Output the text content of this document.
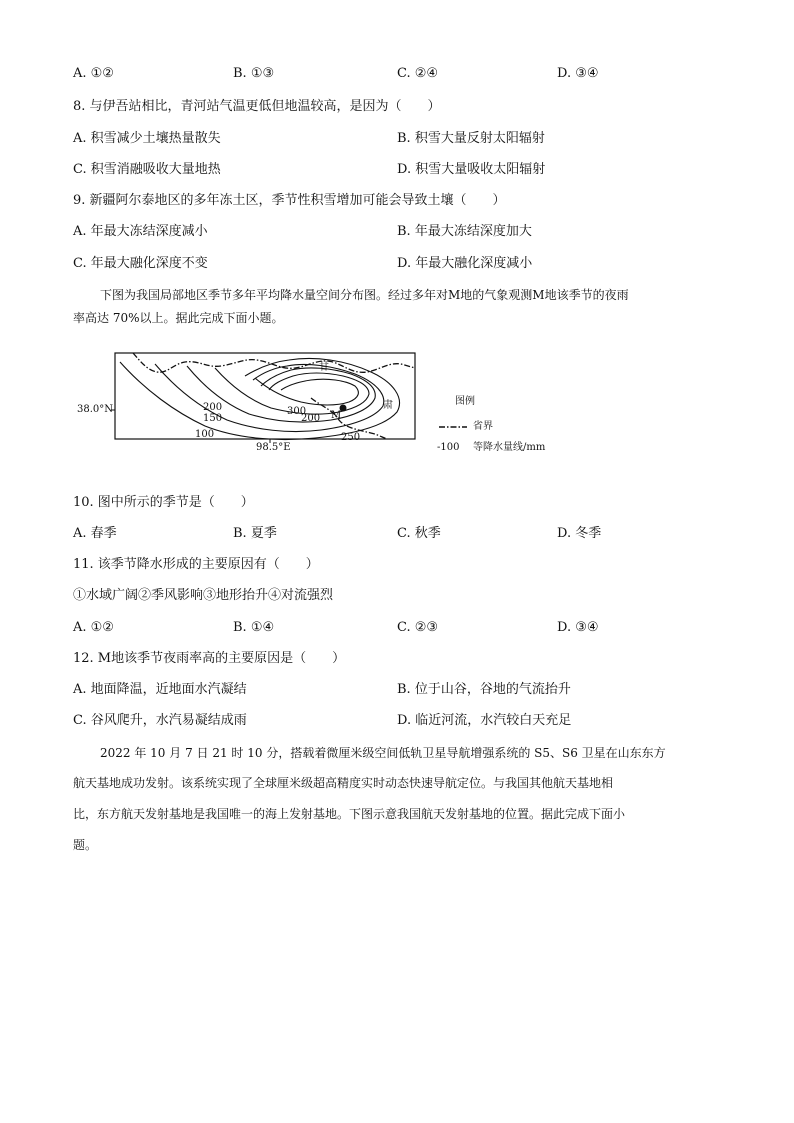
A. ①②	B. ①③	C. ②④	D. ③④
8. 与伊吾站相比，青河站气温更低但地温较高，是因为（　　）
A. 积雪减少土壤热量散失	B. 积雪大量反射太阳辐射
C. 积雪消融吸收大量地热	D. 积雪大量吸收太阳辐射
9. 新疆阿尔泰地区的多年冻土区，季节性积雪增加可能会导致土壤（　　）
A. 年最大冻结深度减小	B. 年最大冻结深度加大
C. 年最大融化深度不变	D. 年最大融化深度减小
下图为我国局部地区季节多年平均降水量空间分布图。经过多年对M地的气象观测M地该季节的夜雨
率高达 70%以上。据此完成下面小题。
38.0°N
98.5°E
甘
肃
300
200
150
100
200
250
M
图例
省界
-100 等降水量线/mm
10. 图中所示的季节是（　　）
A. 春季	B. 夏季	C. 秋季	D. 冬季
11. 该季节降水形成的主要原因有（　　）
①水域广阔②季风影响③地形抬升④对流强烈
A. ①②	B. ①④	C. ②③	D. ③④
12. M地该季节夜雨率高的主要原因是（　　）
A. 地面降温，近地面水汽凝结	B. 位于山谷，谷地的气流抬升
C. 谷风爬升，水汽易凝结成雨	D. 临近河流，水汽较白天充足
2022 年 10 月 7 日 21 时 10 分，搭载着微厘米级空间低轨卫星导航增强系统的 S5、S6 卫星在山东东方
航天基地成功发射。该系统实现了全球厘米级超高精度实时动态快速导航定位。与我国其他航天基地相
比，东方航天发射基地是我国唯一的海上发射基地。下图示意我国航天发射基地的位置。据此完成下面小
题。
